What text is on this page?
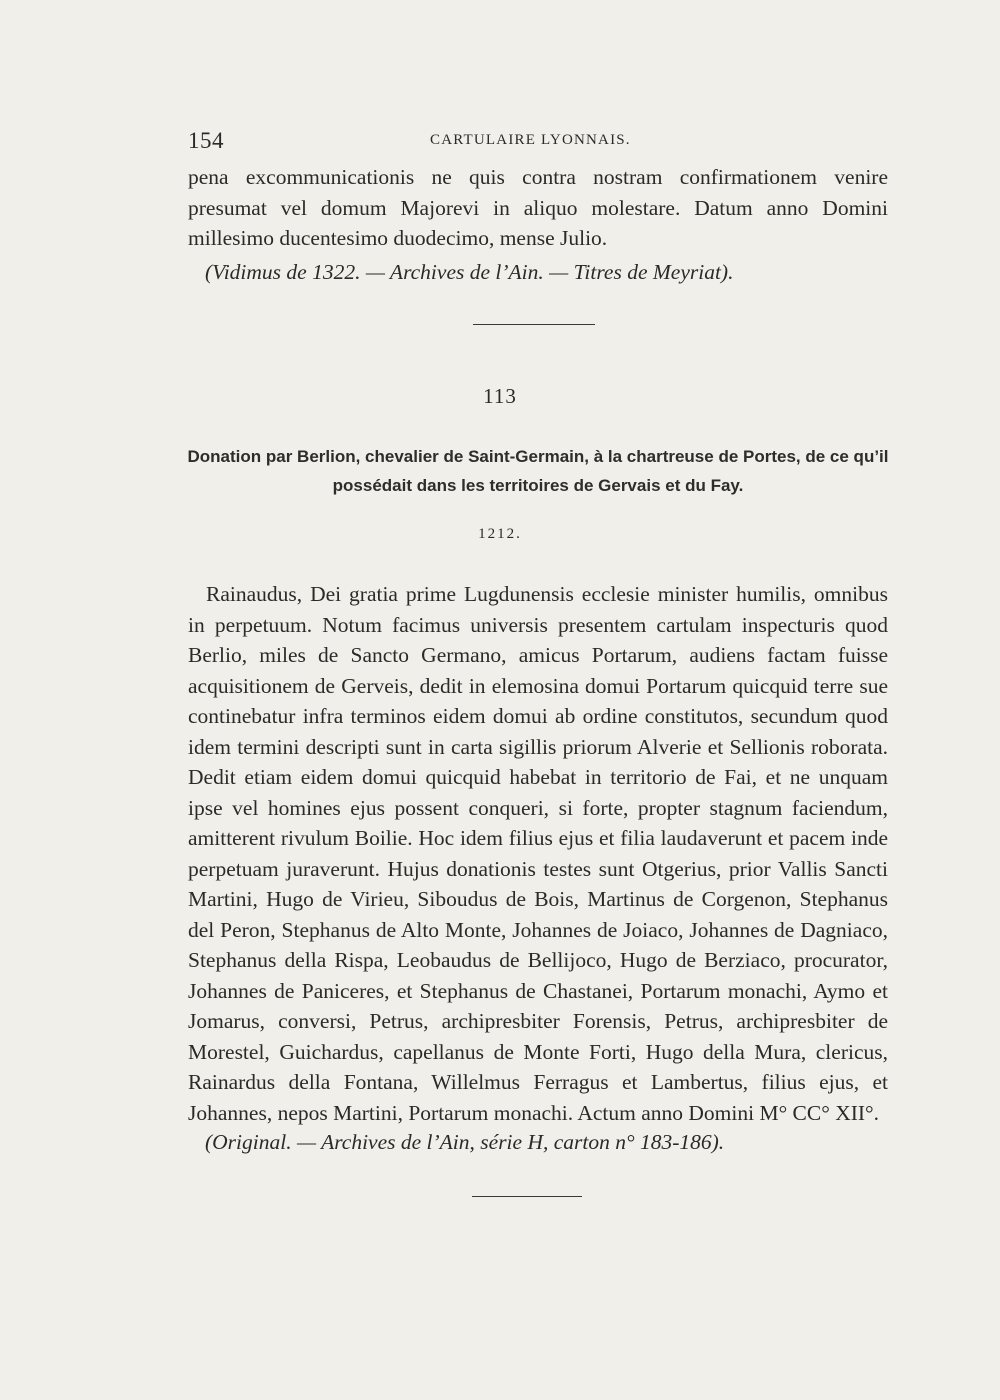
154	CARTULAIRE LYONNAIS.

pena excommunicationis ne quis contra nostram confirmationem venire presumat vel domum Majorevi in aliquo molestare. Datum anno Domini millesimo ducentesimo duodecimo, mense Julio.

(Vidimus de 1322. — Archives de l’Ain. — Titres de Meyriat).
113
Donation par Berlion, chevalier de Saint-Germain, à la chartreuse de Portes, de ce qu’il possédait dans les territoires de Gervais et du Fay.
1212.

Rainaudus, Dei gratia prime Lugdunensis ecclesie minister humilis, omnibus in perpetuum. Notum facimus universis presentem cartulam inspecturis quod Berlio, miles de Sancto Germano, amicus Portarum, audiens factam fuisse acquisitionem de Gerveis, dedit in elemosina domui Portarum quicquid terre sue continebatur infra terminos eidem domui ab ordine constitutos, secundum quod idem termini descripti sunt in carta sigillis priorum Alverie et Sellionis roborata. Dedit etiam eidem domui quicquid habebat in territorio de Fai, et ne unquam ipse vel homines ejus possent conqueri, si forte, propter stagnum faciendum, amitterent rivulum Boilie. Hoc idem filius ejus et filia laudaverunt et pacem inde perpetuam juraverunt. Hujus donationis testes sunt Otgerius, prior Vallis Sancti Martini, Hugo de Virieu, Siboudus de Bois, Martinus de Corgenon, Stephanus del Peron, Stephanus de Alto Monte, Johannes de Joiaco, Johannes de Dagniaco, Stephanus della Rispa, Leobaudus de Bellijoco, Hugo de Berziaco, procurator, Johannes de Paniceres, et Stephanus de Chastanei, Portarum monachi, Aymo et Jomarus, conversi, Petrus, archipresbiter Forensis, Petrus, archipresbiter de Morestel, Guichardus, capellanus de Monte Forti, Hugo della Mura, clericus, Rainardus della Fontana, Willelmus Ferragus et Lambertus, filius ejus, et Johannes, nepos Martini, Portarum monachi. Actum anno Domini M° CC° XII°.

(Original. — Archives de l’Ain, série H, carton n° 183-186).
